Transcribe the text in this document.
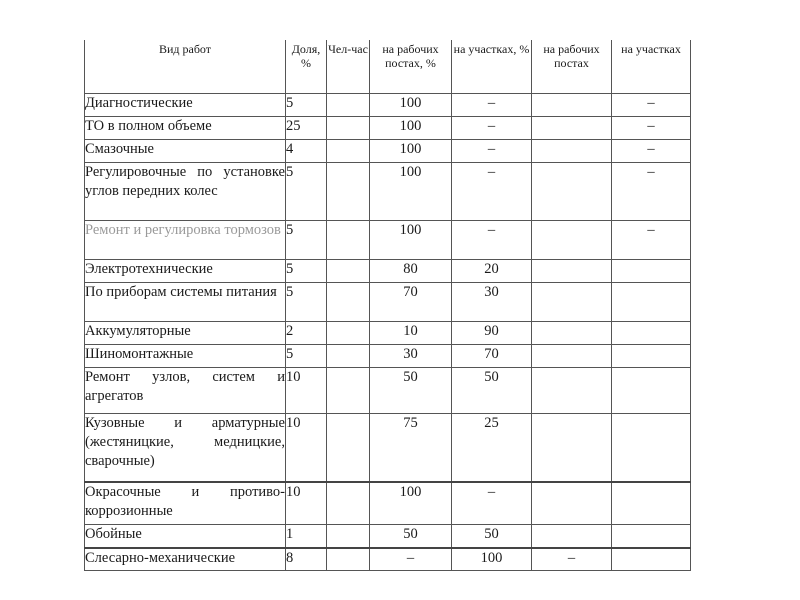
Вид работ	Доля, %	Чел-час	на рабочих постах, %	на участках, %	на рабочих постах	на участках
Диагностические	5		100	–		–
ТО в полном объеме	25		100	–		–
Смазочные	4		100	–		–
Регулировочные по установке углов передних колес	5		100	–		–
Ремонт и регулировка тормозов	5		100	–		–
Электротехнические	5		80	20		
По приборам системы питания	5		70	30		
Аккумуляторные	2		10	90		
Шиномонтажные	5		30	70		
Ремонт узлов, систем и агрегатов	10		50	50		
Кузовные и арматурные (жестяницкие, медницкие, сварочные)	10		75	25		
Окрасочные и противо-коррозионные	10		100	–		
Обойные	1		50	50		
Слесарно-механические	8		–	100	–	
